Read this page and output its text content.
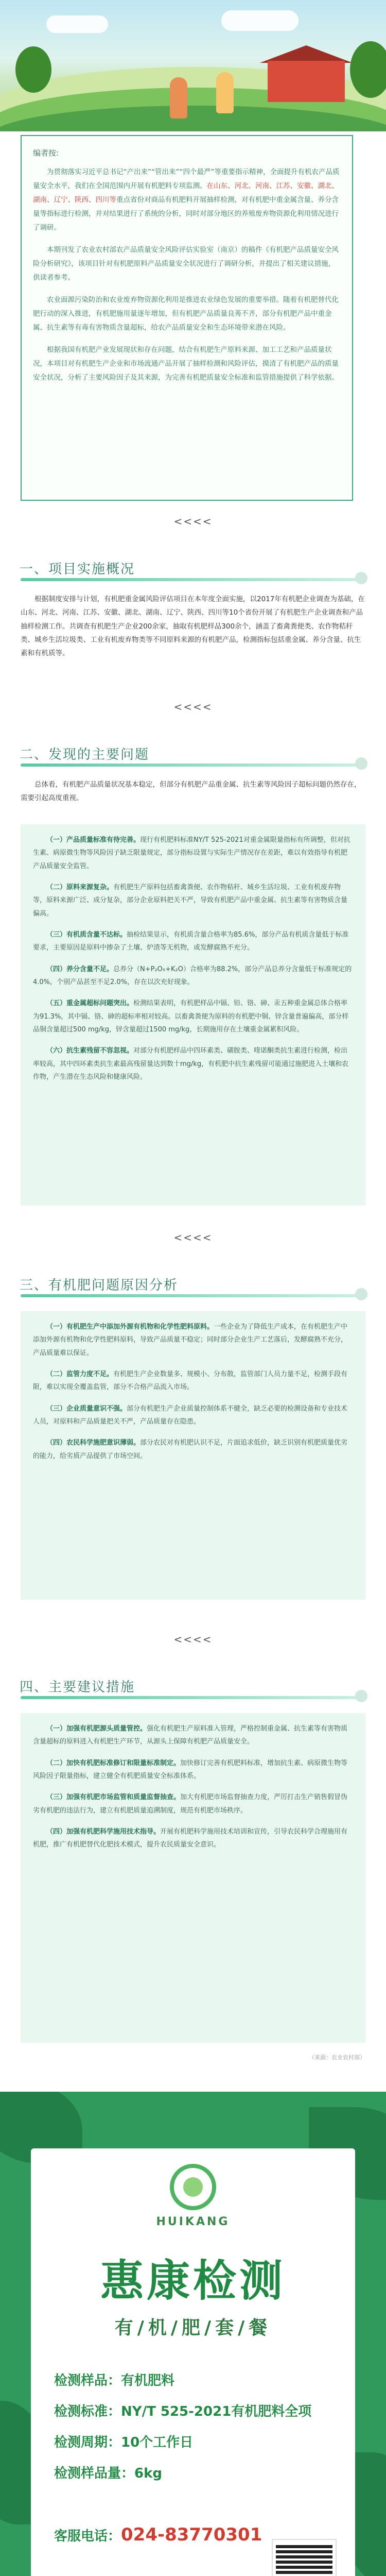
编者按:

为贯彻落实习近平总书记“产出来”“管出来”“四个最严”等重要指示精神，全面提升有机农产品质量安全水平，我们在全国范围内开展有机肥料专项监测。在山东、河北、河南、江苏、安徽、湖北、湖南、辽宁、陕西、四川等重点省份对商品有机肥料开展抽样检测，对有机肥中重金属含量、养分含量等指标进行检测，并对结果进行了系统的分析，同时对部分地区的养殖废弃物资源化利用情况进行了调研。

本期刊发了农业农村部农产品质量安全风险评估实验室（南京）的稿件《有机肥产品质量安全风险分析研究》，该项目针对有机肥原料产品质量安全状况进行了调研分析，并提出了相关建议措施，供读者参考。

农业面源污染防治和农业废弃物资源化利用是推进农业绿色发展的重要举措。随着有机肥替代化肥行动的深入推进，有机肥施用量逐年增加，但有机肥产品质量良莠不齐，部分有机肥产品中重金属、抗生素等有毒有害物质含量超标，给农产品质量安全和生态环境带来潜在风险。

根据我国有机肥产业发展现状和存在问题，结合有机肥生产原料来源、加工工艺和产品质量状况，本项目对有机肥生产企业和市场流通产品开展了抽样检测和风险评估，摸清了有机肥产品的质量安全状况，分析了主要风险因子及其来源，为完善有机肥质量安全标准和监管措施提供了科学依据。

<<<<
一、项目实施概况

根据制度安排与计划，有机肥重金属风险评估项目在本年度全面实施，以2017年有机肥企业调查为基础，在山东、河北、河南、江苏、安徽、湖北、湖南、辽宁、陕西、四川等10个省份开展了有机肥生产企业调查和产品抽样检测工作。共调查有机肥生产企业200余家，抽取有机肥样品300余个，涵盖了畜禽粪便类、农作物秸秆类、城乡生活垃圾类、工业有机废弃物类等不同原料来源的有机肥产品，检测指标包括重金属、养分含量、抗生素和有机质等。

<<<<
二、发现的主要问题

总体看，有机肥产品质量状况基本稳定，但部分有机肥产品重金属、抗生素等风险因子超标问题仍然存在，需要引起高度重视。

（一）产品质量标准有待完善。现行有机肥料标准NY/T 525-2021对重金属限量指标有所调整，但对抗生素、病原微生物等风险因子缺乏限量规定，部分指标设置与实际生产情况存在差距，难以有效指导有机肥产品质量安全监管。

（二）原料来源复杂。有机肥生产原料包括畜禽粪便、农作物秸秆、城乡生活垃圾、工业有机废弃物等，原料来源广泛、成分复杂，部分企业原料把关不严，导致有机肥产品中重金属、抗生素等有害物质含量偏高。

（三）有机质含量不达标。抽检结果显示，有机质含量合格率为85.6%，部分产品有机质含量低于标准要求，主要原因是原料中掺杂了土壤、炉渣等无机物，或发酵腐熟不充分。

（四）养分含量不足。总养分（N+P₂O₅+K₂O）合格率为88.2%，部分产品总养分含量低于标准规定的4.0%，个别产品甚至不足2.0%，存在以次充好现象。

（五）重金属超标问题突出。检测结果表明，有机肥样品中镉、铅、铬、砷、汞五种重金属总体合格率为91.3%，其中镉、铬、砷的超标率相对较高。以畜禽粪便为原料的有机肥中铜、锌含量普遍偏高，部分样品铜含量超过500 mg/kg，锌含量超过1500 mg/kg，长期施用存在土壤重金属累积风险。

（六）抗生素残留不容忽视。对部分有机肥样品中四环素类、磺胺类、喹诺酮类抗生素进行检测，检出率较高，其中四环素类抗生素最高残留量达到数十mg/kg，有机肥中抗生素残留可能通过施肥进入土壤和农作物，产生潜在生态风险和健康风险。

<<<<
三、有机肥问题原因分析

（一）有机肥生产中添加外源有机物和化学性肥料原料。一些企业为了降低生产成本，在有机肥生产中添加外源有机物和化学性肥料原料，导致产品质量不稳定；同时部分企业生产工艺落后，发酵腐熟不充分，产品质量难以保证。

（二）监管力度不足。有机肥生产企业数量多、规模小、分布散，监管部门人员力量不足，检测手段有限，难以实现全覆盖监管，部分不合格产品流入市场。

（三）企业质量意识不强。部分有机肥生产企业质量控制体系不健全，缺乏必要的检测设备和专业技术人员，对原料和产品质量把关不严，产品质量存在隐患。

（四）农民科学施肥意识薄弱。部分农民对有机肥认识不足，片面追求低价，缺乏识别有机肥质量优劣的能力，给劣质产品提供了市场空间。

<<<<
四、主要建议措施

（一）加强有机肥源头质量管控。强化有机肥生产原料准入管理，严格控制重金属、抗生素等有害物质含量超标的原料进入有机肥生产环节，从源头上保障有机肥产品质量安全。

（二）加快有机肥标准修订和限量标准制定。加快修订完善有机肥料标准，增加抗生素、病原微生物等风险因子限量指标，建立健全有机肥质量安全标准体系。

（三）加强有机肥市场监管和质量监督抽查。加大有机肥市场监督抽查力度，严厉打击生产销售假冒伪劣有机肥的违法行为，建立有机肥质量追溯制度，规范有机肥市场秩序。

（四）加强有机肥科学施用技术指导。开展有机肥科学施用技术培训和宣传，引导农民科学合理施用有机肥，推广有机肥替代化肥技术模式，提升农民质量安全意识。

（来源：农业农村部）
HUIKANG
惠康检测
有/机/肥/套/餐
检测样品：有机肥料
检测标准：NY/T 525-2021有机肥料全项
检测周期：10个工作日
检测样品量：6kg
客服电话：024-83770301
